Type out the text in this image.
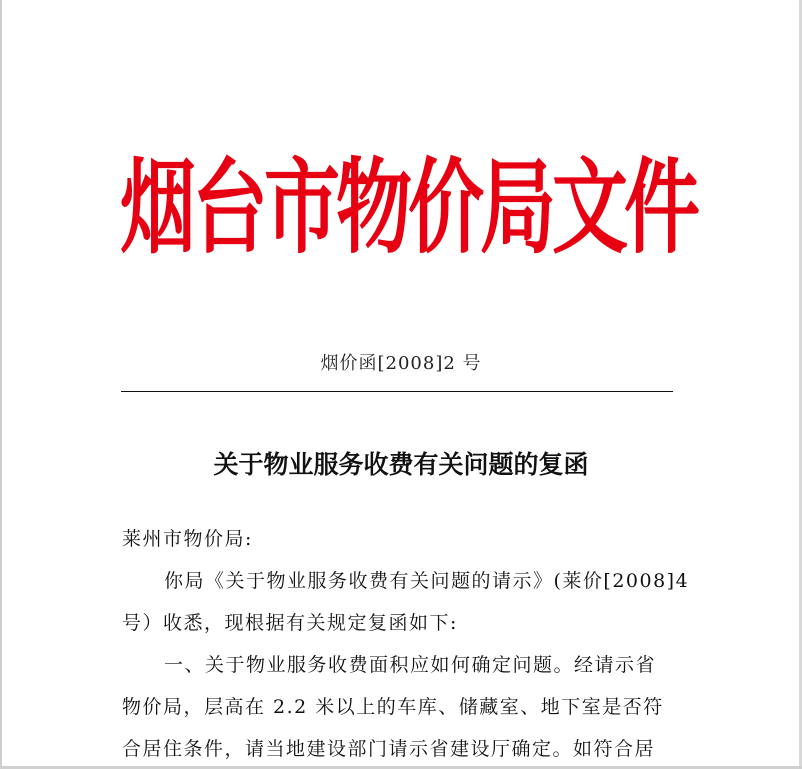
烟台市物价局文件
烟价函[2008]2 号
关于物业服务收费有关问题的复函
莱州市物价局:
你局《关于物业服务收费有关问题的请示》(莱价[2008]4
号）收悉，现根据有关规定复函如下:
一、关于物业服务收费面积应如何确定问题。经请示省
物价局，层高在 2.2 米以上的车库、储藏室、地下室是否符
合居住条件，请当地建设部门请示省建设厅确定。如符合居
